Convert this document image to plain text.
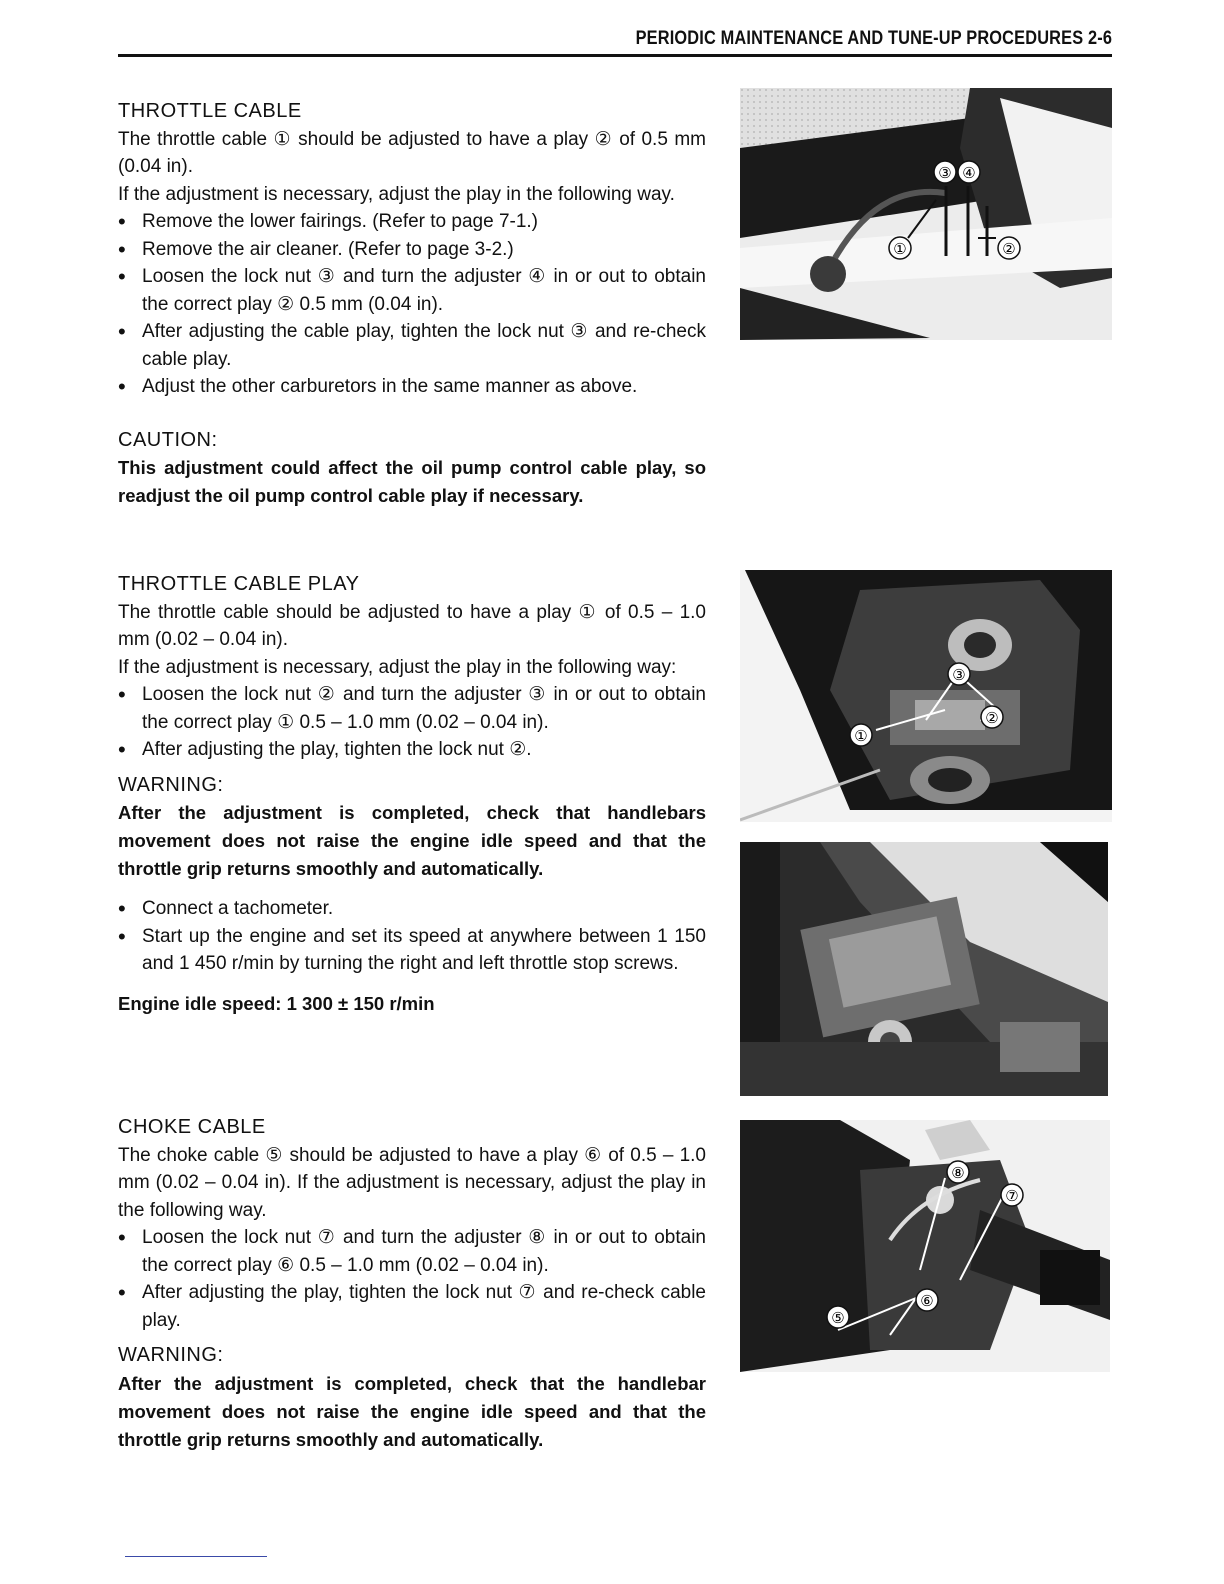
PERIODIC MAINTENANCE AND TUNE-UP PROCEDURES 2-6

THROTTLE CABLE

The throttle cable ① should be adjusted to have a play ② of 0.5 mm (0.04 in).

If the adjustment is necessary, adjust the play in the following way.

• Remove the lower fairings. (Refer to page 7-1.)
• Remove the air cleaner. (Refer to page 3-2.)
• Loosen the lock nut ③ and turn the adjuster ④ in or out to obtain the correct play ② 0.5 mm (0.04 in).
• After adjusting the cable play, tighten the lock nut ③ and re-check cable play.
• Adjust the other carburetors in the same manner as above.

CAUTION:

This adjustment could affect the oil pump control cable play, so readjust the oil pump control cable play if necessary.

THROTTLE CABLE PLAY

The throttle cable should be adjusted to have a play ① of 0.5 – 1.0 mm (0.02 – 0.04 in).

If the adjustment is necessary, adjust the play in the following way:

• Loosen the lock nut ② and turn the adjuster ③ in or out to obtain the correct play ① 0.5 – 1.0 mm (0.02 – 0.04 in).
• After adjusting the play, tighten the lock nut ②.

WARNING:

After the adjustment is completed, check that handlebars movement does not raise the engine idle speed and that the throttle grip returns smoothly and automatically.

• Connect a tachometer.
• Start up the engine and set its speed at anywhere between 1 150 and 1 450 r/min by turning the right and left throttle stop screws.

Engine idle speed: 1 300 ± 150 r/min

CHOKE CABLE

The choke cable ⑤ should be adjusted to have a play ⑥ of 0.5 – 1.0 mm (0.02 – 0.04 in). If the adjustment is necessary, adjust the play in the following way.

• Loosen the lock nut ⑦ and turn the adjuster ⑧ in or out to obtain the correct play ⑥ 0.5 – 1.0 mm (0.02 – 0.04 in).
• After adjusting the play, tighten the lock nut ⑦ and re-check cable play.

WARNING:

After the adjustment is completed, check that the handlebar movement does not raise the engine idle speed and that the throttle grip returns smoothly and automatically.

③ ④
①	②
③
①
②
⑧
⑦
⑥
⑤
